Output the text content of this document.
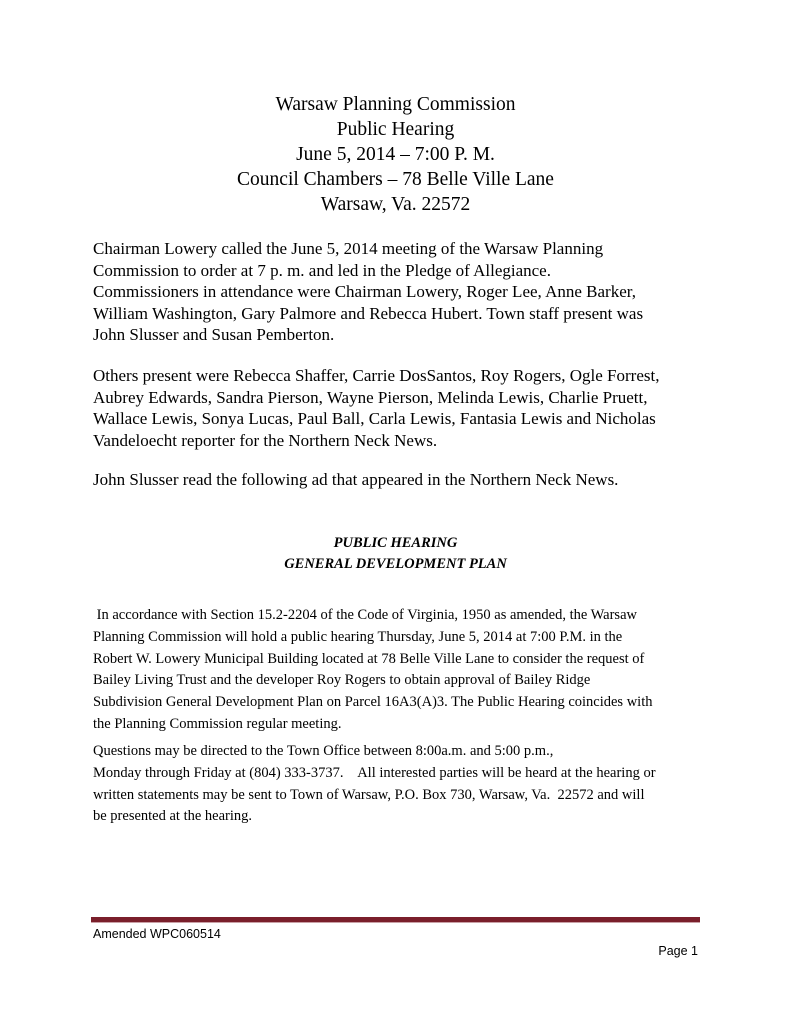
Warsaw Planning Commission
Public Hearing
June 5, 2014 – 7:00 P. M.
Council Chambers – 78 Belle Ville Lane
Warsaw, Va. 22572
Chairman Lowery called the June 5, 2014 meeting of the Warsaw Planning
Commission to order at 7 p. m. and led in the Pledge of Allegiance.
Commissioners in attendance were Chairman Lowery, Roger Lee, Anne Barker,
William Washington, Gary Palmore and Rebecca Hubert. Town staff present was
John Slusser and Susan Pemberton.
Others present were Rebecca Shaffer, Carrie DosSantos, Roy Rogers, Ogle Forrest,
Aubrey Edwards, Sandra Pierson, Wayne Pierson, Melinda Lewis, Charlie Pruett,
Wallace Lewis, Sonya Lucas, Paul Ball, Carla Lewis, Fantasia Lewis and Nicholas
Vandeloecht reporter for the Northern Neck News.
John Slusser read the following ad that appeared in the Northern Neck News.
PUBLIC HEARING
GENERAL DEVELOPMENT PLAN
In accordance with Section 15.2-2204 of the Code of Virginia, 1950 as amended, the Warsaw
Planning Commission will hold a public hearing Thursday, June 5, 2014 at 7:00 P.M. in the
Robert W. Lowery Municipal Building located at 78 Belle Ville Lane to consider the request of
Bailey Living Trust and the developer Roy Rogers to obtain approval of Bailey Ridge
Subdivision General Development Plan on Parcel 16A3(A)3. The Public Hearing coincides with
the Planning Commission regular meeting.
Questions may be directed to the Town Office between 8:00a.m. and 5:00 p.m.,
Monday through Friday at (804) 333-3737.    All interested parties will be heard at the hearing or
written statements may be sent to Town of Warsaw, P.O. Box 730, Warsaw, Va.  22572 and will
be presented at the hearing.
Amended WPC060514
Page 1
